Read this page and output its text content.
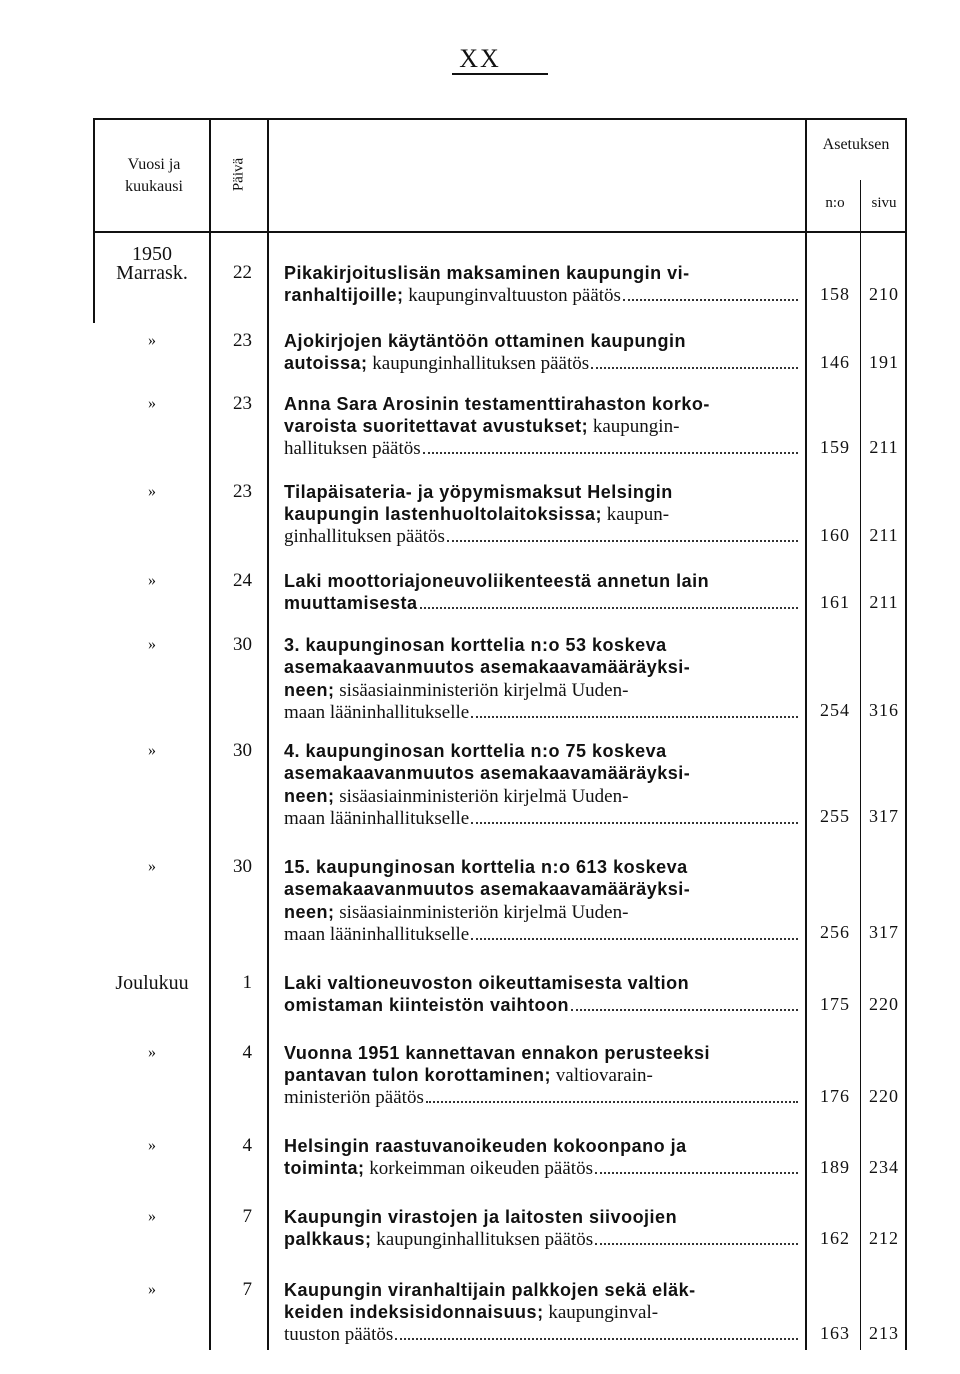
XX
Vuosi ja kuukausi	Päivä
Asetuksen
n:o	sivu
1950
Marrask.	22 Pikakirjoituslisän maksaminen kaupungin vi-
ranhaltijoille; kaupunginvaltuuston päätös	158	210
»	23 Ajokirjojen käytäntöön ottaminen kaupungin
autoissa; kaupunginhallituksen päätös	146	191
»	23 Anna Sara Arosinin testamenttirahaston korko-
varoista suoritettavat avustukset; kaupungin-
hallituksen päätös	159	211
»	23 Tilapäisateria- ja yöpymismaksut Helsingin
kaupungin lastenhuoltolaitoksissa; kaupun-
ginhallituksen päätös	160	211
»	24 Laki moottoriajoneuvoliikenteestä annetun lain
muuttamisesta	161	211
»	30 3. kaupunginosan korttelia n:o 53 koskeva
asemakaavanmuutos asemakaavamääräyksi-
neen; sisäasiainministeriön kirjelmä Uuden-
maan lääninhallitukselle	254	316
»	30 4. kaupunginosan korttelia n:o 75 koskeva
asemakaavanmuutos asemakaavamääräyksi-
neen; sisäasiainministeriön kirjelmä Uuden-
maan lääninhallitukselle	255	317
»	30 15. kaupunginosan korttelia n:o 613 koskeva
asemakaavanmuutos asemakaavamääräyksi-
neen; sisäasiainministeriön kirjelmä Uuden-
maan lääninhallitukselle	256	317
Joulukuu	1 Laki valtioneuvoston oikeuttamisesta valtion
omistaman kiinteistön vaihtoon	175	220
»	4 Vuonna 1951 kannettavan ennakon perusteeksi
pantavan tulon korottaminen; valtiovarain-
ministeriön päätös	176	220
»	4 Helsingin raastuvanoikeuden kokoonpano ja
toiminta; korkeimman oikeuden päätös	189	234
»	7 Kaupungin virastojen ja laitosten siivoojien
palkkaus; kaupunginhallituksen päätös	162	212
»	7 Kaupungin viranhaltijain palkkojen sekä eläk-
keiden indeksisidonnaisuus; kaupunginval-
tuuston päätös	163	213
